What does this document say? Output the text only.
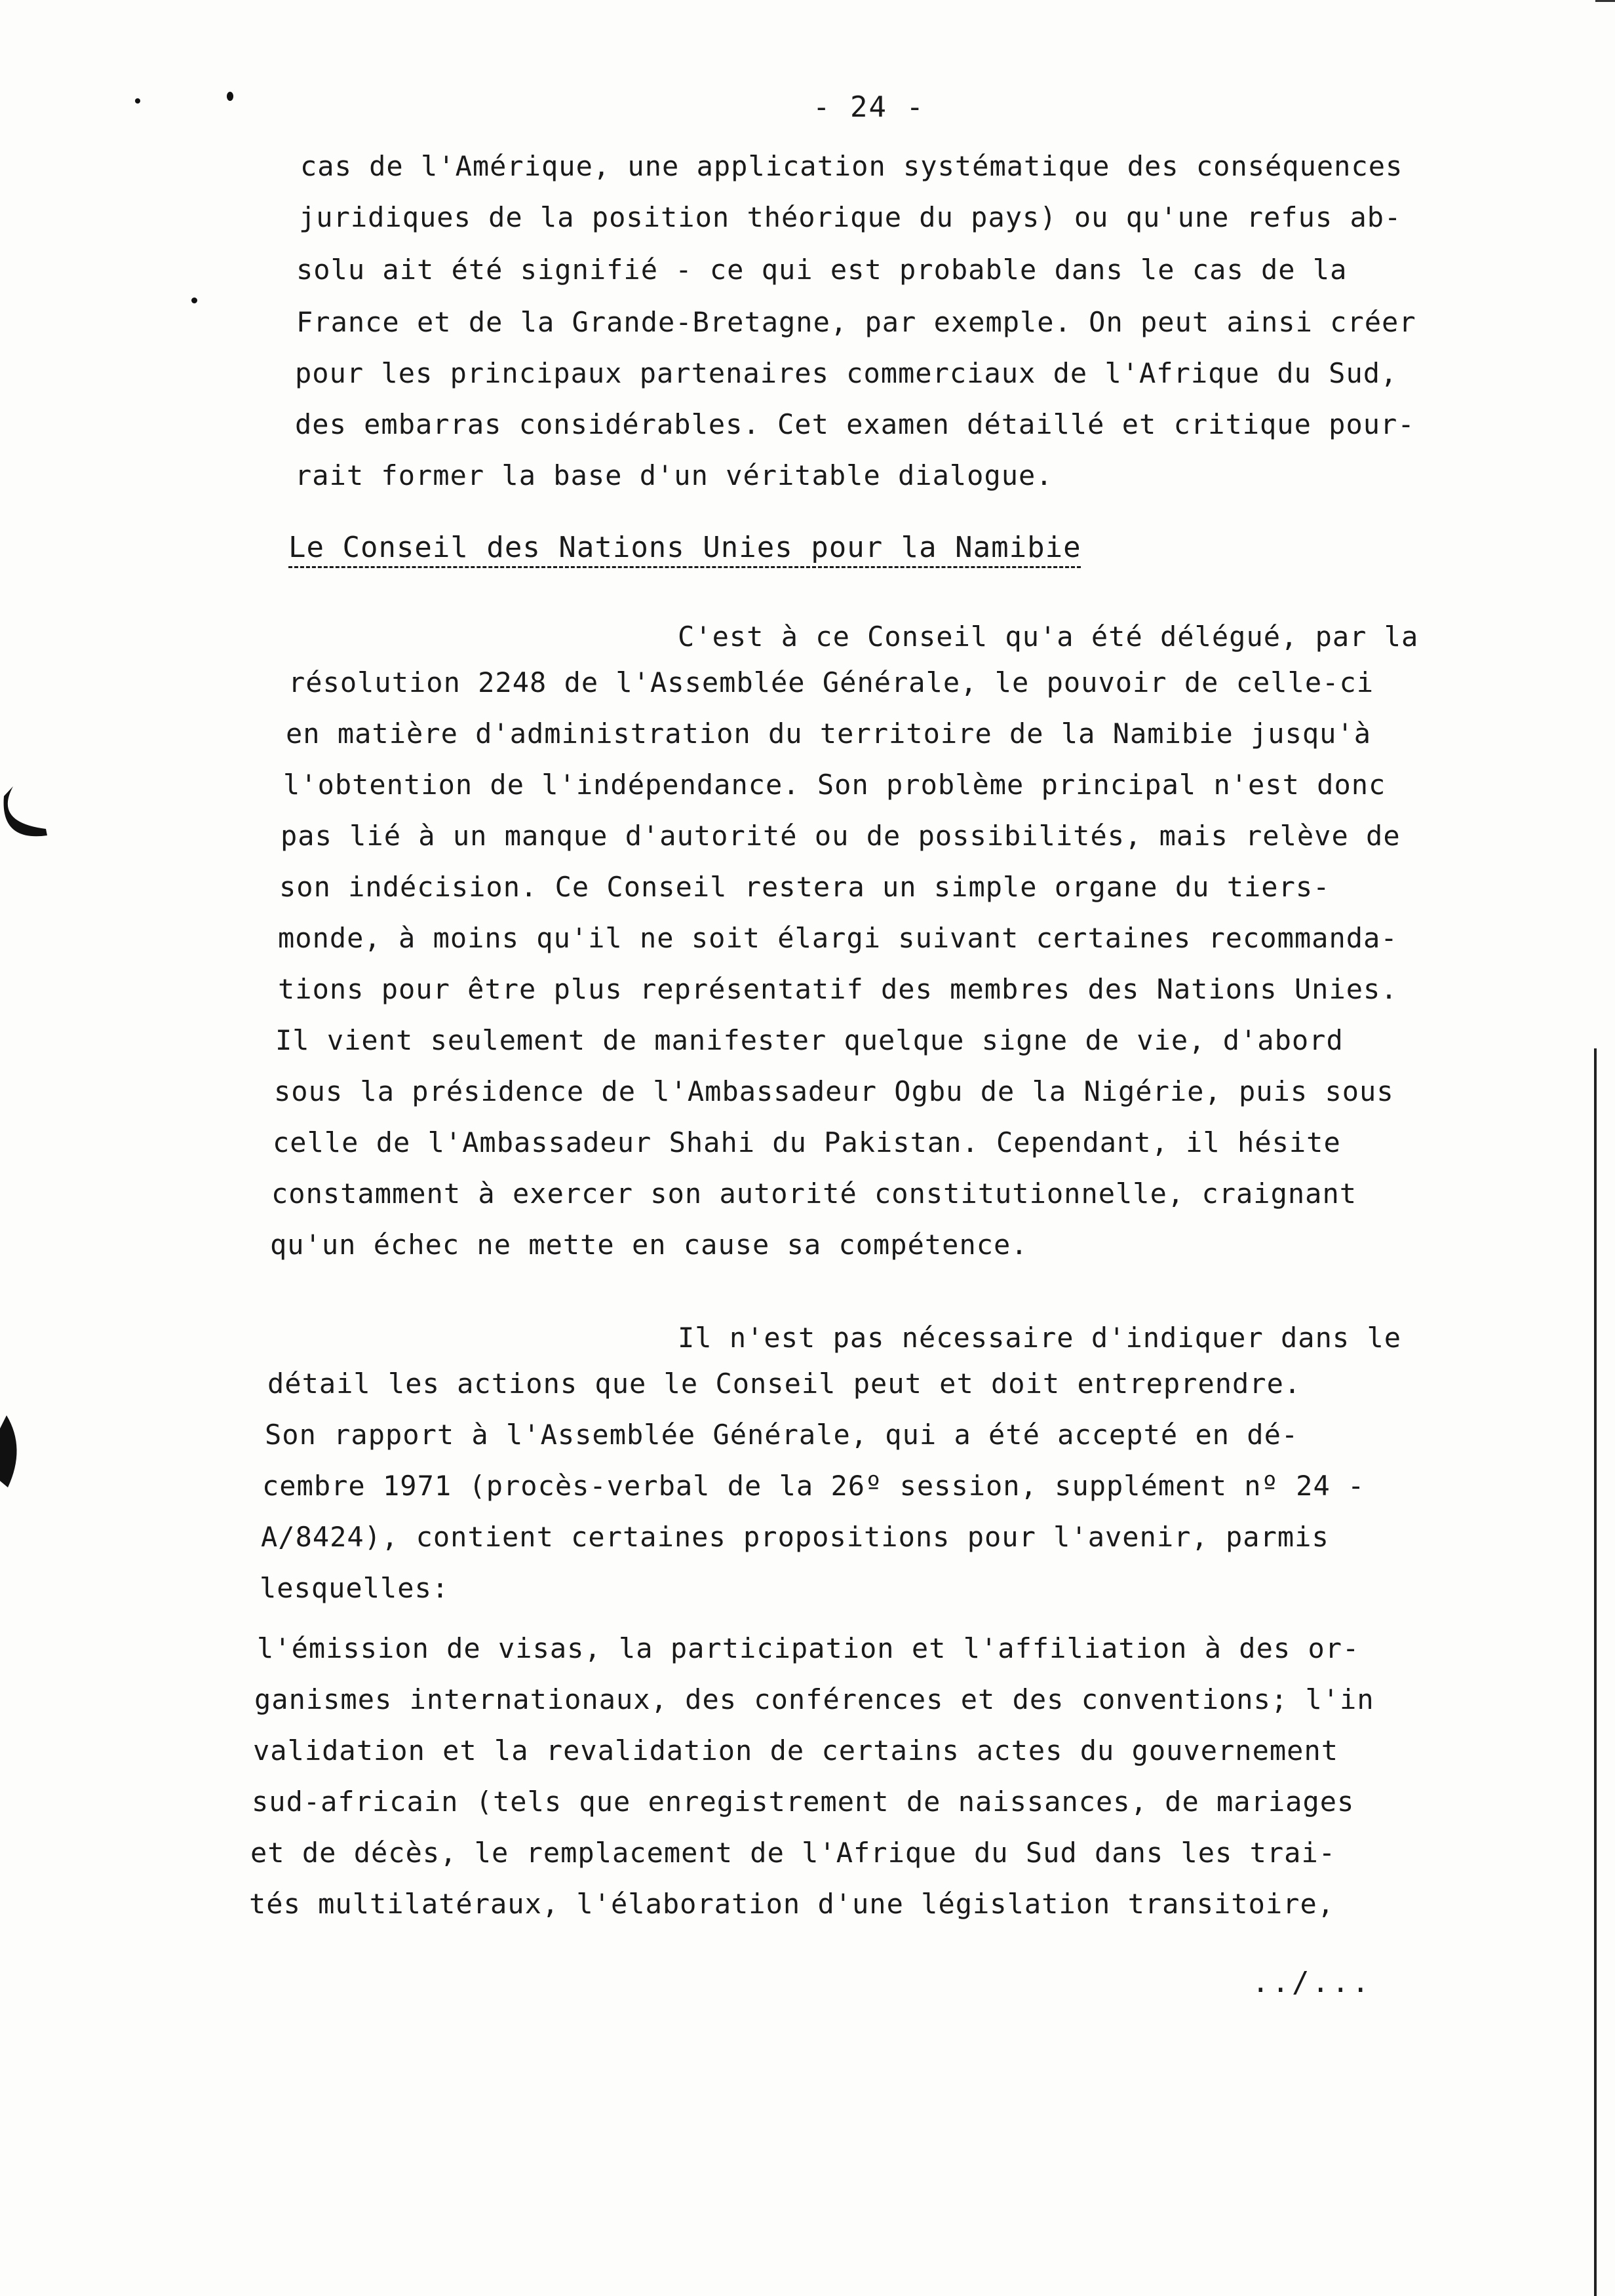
- 24 -
cas de l'Amérique, une application systématique des conséquences
juridiques de la position théorique du pays) ou qu'une refus ab-
solu ait été signifié - ce qui est probable dans le cas de la
France et de la Grande-Bretagne, par exemple. On peut ainsi créer
pour les principaux partenaires commerciaux de l'Afrique du Sud,
des embarras considérables. Cet examen détaillé et critique pour-
rait former la base d'un véritable dialogue.
Le Conseil des Nations Unies pour la Namibie
C'est à ce Conseil qu'a été délégué, par la
résolution 2248 de l'Assemblée Générale, le pouvoir de celle-ci
en matière d'administration du territoire de la Namibie jusqu'à
l'obtention de l'indépendance. Son problème principal n'est donc
pas lié à un manque d'autorité ou de possibilités, mais relève de
son indécision. Ce Conseil restera un simple organe du tiers-
monde, à moins qu'il ne soit élargi suivant certaines recommanda-
tions pour être plus représentatif des membres des Nations Unies.
Il vient seulement de manifester quelque signe de vie, d'abord
sous la présidence de l'Ambassadeur Ogbu de la Nigérie, puis sous
celle de l'Ambassadeur Shahi du Pakistan. Cependant, il hésite
constamment à exercer son autorité constitutionnelle, craignant
qu'un échec ne mette en cause sa compétence.
Il n'est pas nécessaire d'indiquer dans le
détail les actions que le Conseil peut et doit entreprendre.
Son rapport à l'Assemblée Générale, qui a été accepté en dé-
cembre 1971 (procès-verbal de la 26º session, supplément nº 24 -
A/8424), contient certaines propositions pour l'avenir, parmis
lesquelles:
l'émission de visas, la participation et l'affiliation à des or-
ganismes internationaux, des conférences et des conventions; l'in
validation et la revalidation de certains actes du gouvernement
sud-africain (tels que enregistrement de naissances, de mariages
et de décès, le remplacement de l'Afrique du Sud dans les trai-
tés multilatéraux, l'élaboration d'une législation transitoire,
../...
